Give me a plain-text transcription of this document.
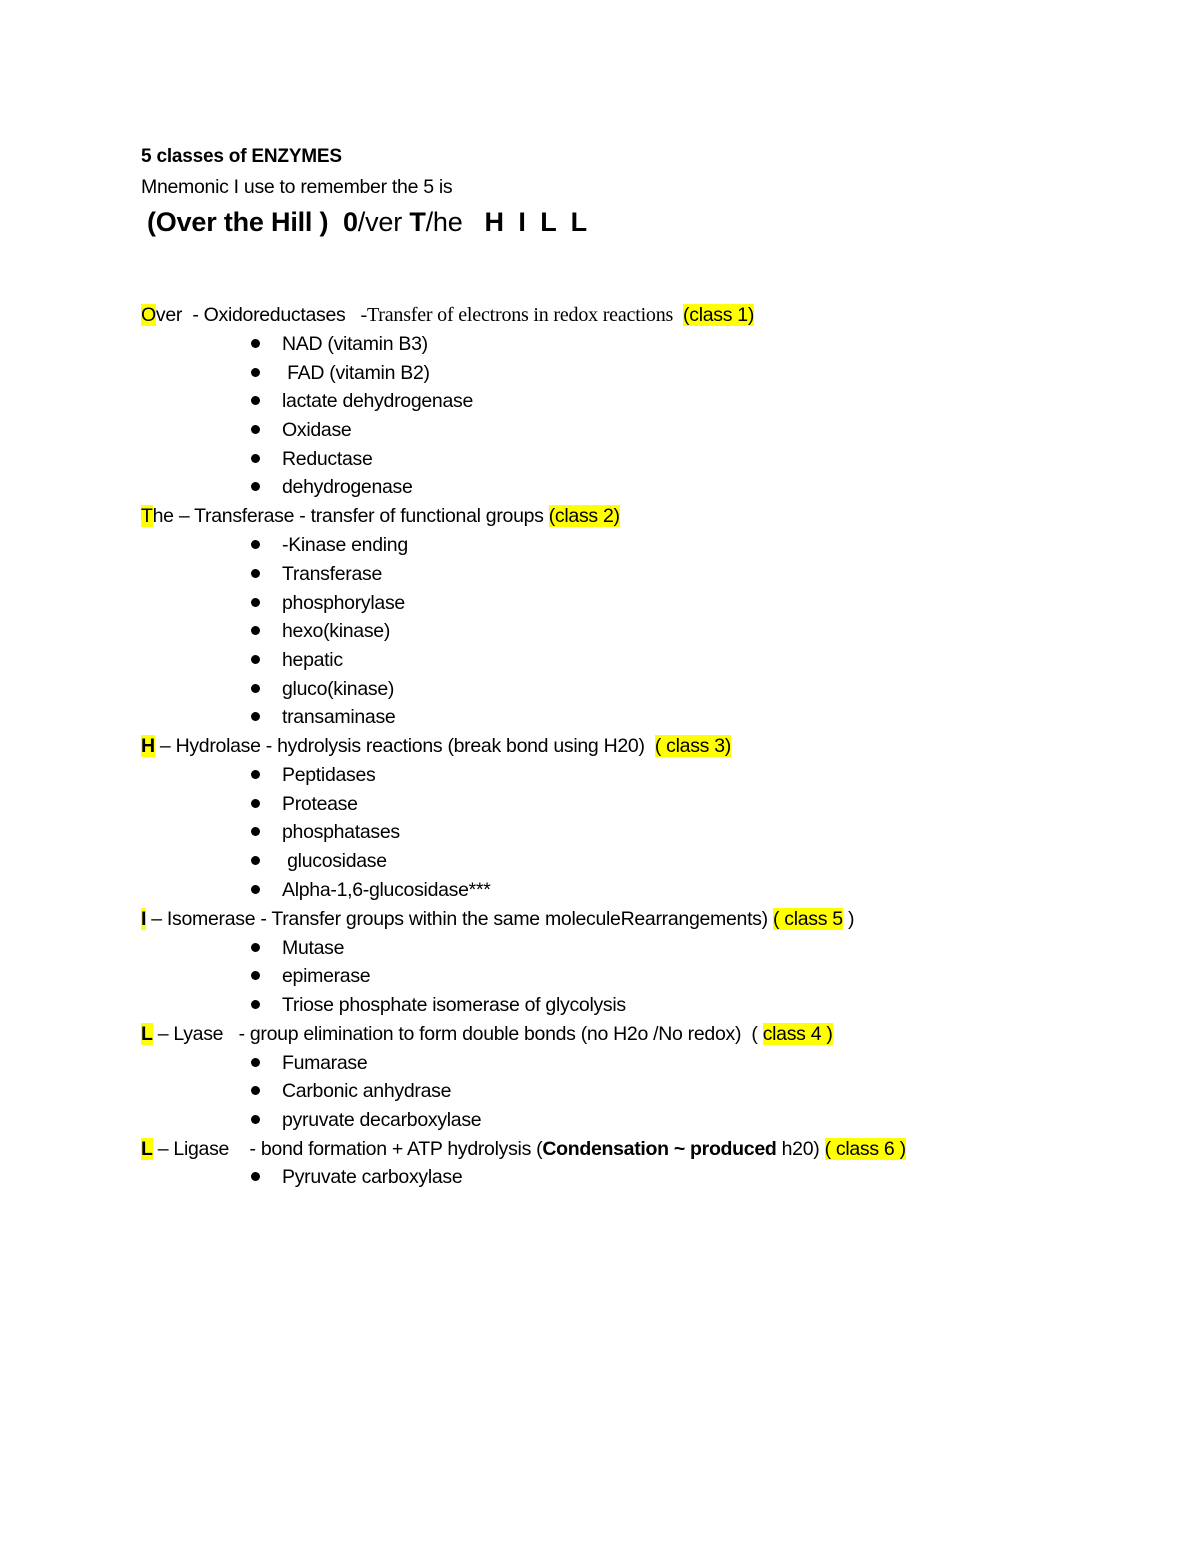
5 classes of ENZYMES
Mnemonic I use to remember the 5 is
(Over the Hill ) 0/ver T/he H  I  L  L
Over  - Oxidoreductases   -Transfer of electrons in redox reactions  (class 1)
NAD (vitamin B3)
FAD (vitamin B2)
lactate dehydrogenase
Oxidase
Reductase
dehydrogenase
The – Transferase - transfer of functional groups (class 2)
-Kinase ending
Transferase
phosphorylase
hexo(kinase)
hepatic
gluco(kinase)
transaminase
H – Hydrolase - hydrolysis reactions (break bond using H20)  ( class 3)
Peptidases
Protease
phosphatases
glucosidase
Alpha-1,6-glucosidase***
I – Isomerase - Transfer groups within the same moleculeRearrangements) ( class 5 )
Mutase
epimerase
Triose phosphate isomerase of glycolysis
L – Lyase   - group elimination to form double bonds (no H2o /No redox)  ( class 4 )
Fumarase
Carbonic anhydrase
pyruvate decarboxylase
L – Ligase    - bond formation + ATP hydrolysis (Condensation ~ produced h20) ( class 6 )
Pyruvate carboxylase
